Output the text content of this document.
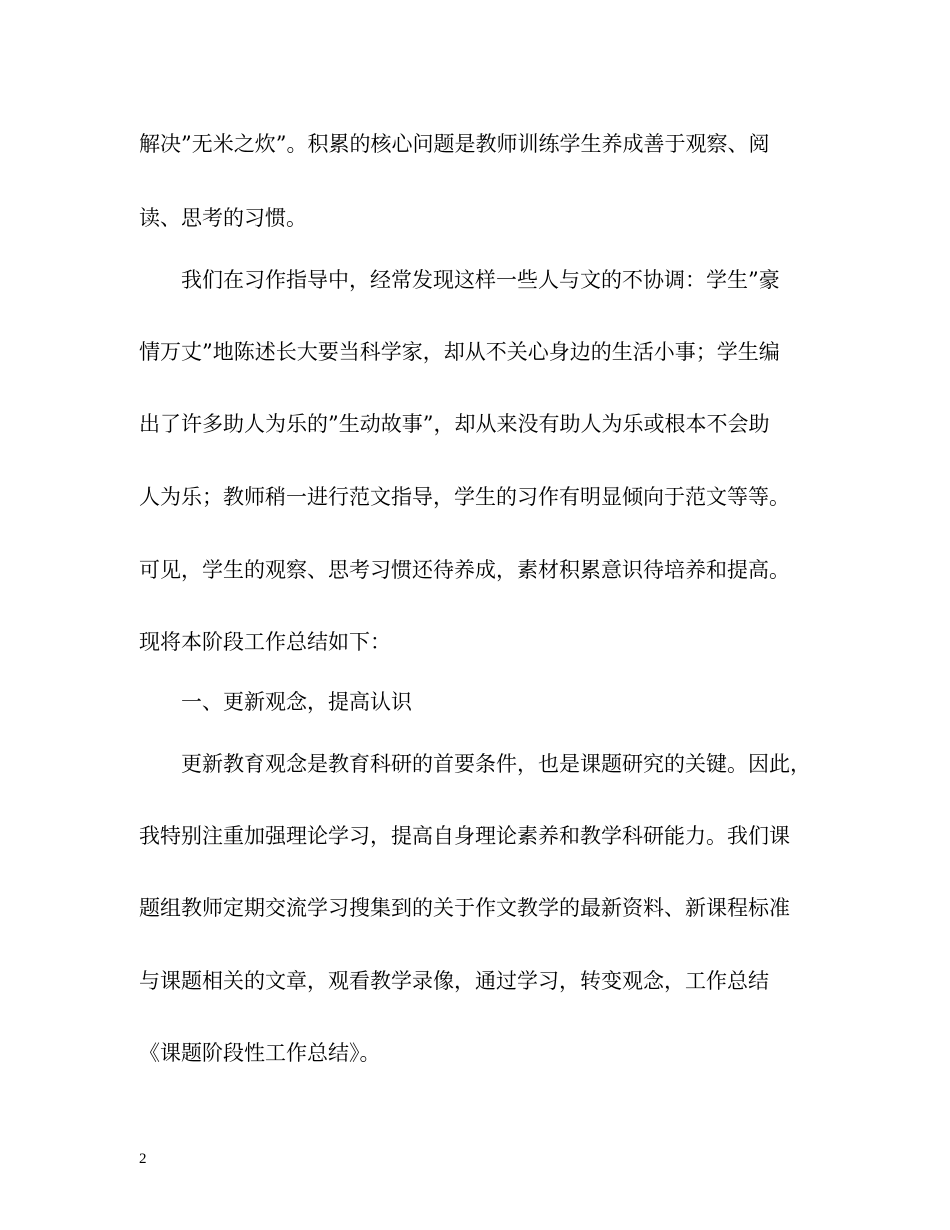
解决”无米之炊”。积累的核心问题是教师训练学生养成善于观察、阅
读、思考的习惯。
我们在习作指导中，经常发现这样一些人与文的不协调：学生”豪
情万丈”地陈述长大要当科学家，却从不关心身边的生活小事；学生编
出了许多助人为乐的”生动故事”，却从来没有助人为乐或根本不会助
人为乐；教师稍一进行范文指导，学生的习作有明显倾向于范文等等。
可见，学生的观察、思考习惯还待养成，素材积累意识待培养和提高。
现将本阶段工作总结如下：
一、更新观念，提高认识
更新教育观念是教育科研的首要条件，也是课题研究的关键。因此，
我特别注重加强理论学习，提高自身理论素养和教学科研能力。我们课
题组教师定期交流学习搜集到的关于作文教学的最新资料、新课程标准
与课题相关的文章，观看教学录像，通过学习，转变观念，工作总结
《课题阶段性工作总结》。
2
